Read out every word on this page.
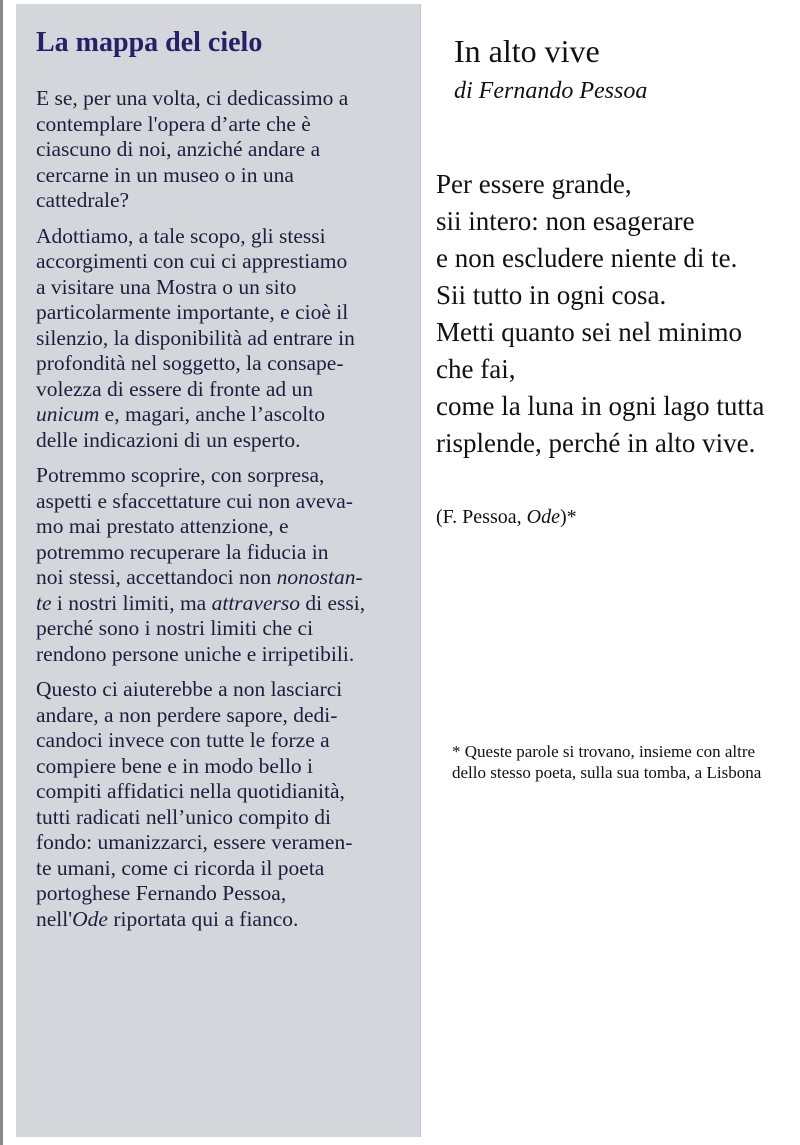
La mappa del cielo
E se, per una volta, ci dedicassimo a
contemplare l'opera d’arte che è
ciascuno di noi, anziché andare a
cercarne in un museo o in una
cattedrale?
Adottiamo, a tale scopo, gli stessi
accorgimenti con cui ci apprestiamo
a visitare una Mostra o un sito
particolarmente importante, e cioè il
silenzio, la disponibilità ad entrare in
profondità nel soggetto, la consape-
volezza di essere di fronte ad un
unicum e, magari, anche l’ascolto
delle indicazioni di un esperto.
Potremmo scoprire, con sorpresa,
aspetti e sfaccettature cui non aveva-
mo mai prestato attenzione, e
potremmo recuperare la fiducia in
noi stessi, accettandoci non nonostan-
te i nostri limiti, ma attraverso di essi,
perché sono i nostri limiti che ci
rendono persone uniche e irripetibili.
Questo ci aiuterebbe a non lasciarci
andare, a non perdere sapore, dedi-
candoci invece con tutte le forze a
compiere bene e in modo bello i
compiti affidatici nella quotidianità,
tutti radicati nell’unico compito di
fondo: umanizzarci, essere veramen-
te umani, come ci ricorda il poeta
portoghese Fernando Pessoa,
nell'Ode riportata qui a fianco.
In alto vive
di Fernando Pessoa
Per essere grande,
sii intero: non esagerare
e non escludere niente di te.
Sii tutto in ogni cosa.
Metti quanto sei nel minimo
che fai,
come la luna in ogni lago tutta
risplende, perché in alto vive.
(F. Pessoa, Ode)*
* Queste parole si trovano, insieme con altre dello stesso poeta, sulla sua tomba, a Lisbona
